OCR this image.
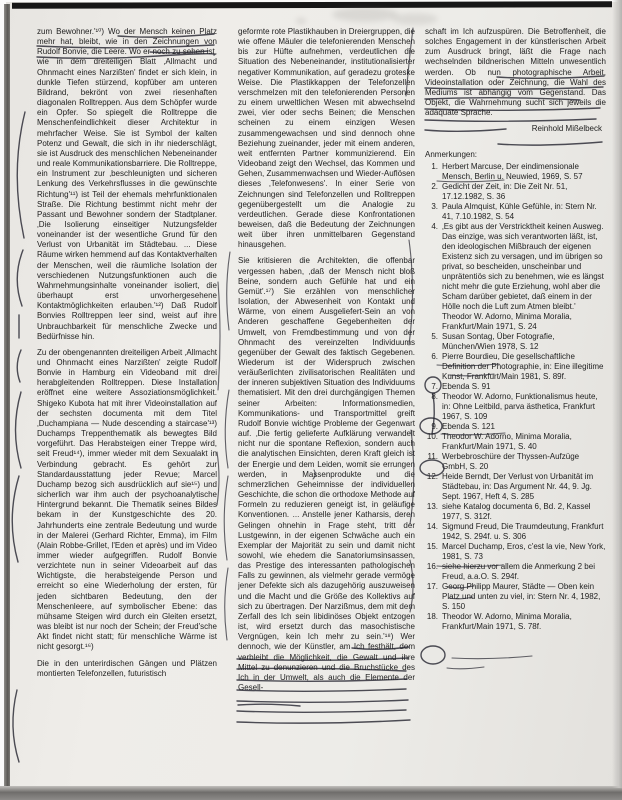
zum Bewohner.'¹⁰) Wo der Mensch keinen Platz mehr hat, bleibt, wie in den Zeichnungen von Rudolf Bonvie, die Leere. Wo er noch zu sehen ist, wie in dem dreiteiligen Blatt ‚Allmacht und Ohnmacht eines Narzißten' findet er sich klein, in dunkle Tiefen stürzend, kopfüber am unteren Bildrand, bekrönt von zwei riesenhaften diagonalen Rolltreppen. Aus dem Schöpfer wurde ein Opfer. So spiegelt die Rolltreppe die Menschenfeindlichkeit dieser Architektur in mehrfacher Weise. Sie ist Symbol der kalten Potenz und Gewalt, die sich in ihr niederschlägt, sie ist Ausdruck des menschlichen Nebeneinander und reale Kommunikationsbarriere. Die Rolltreppe, ein Instrument zur ‚beschleunigten und sicheren Lenkung des Verkehrsflusses in die gewünschte Richtung'¹¹) ist Teil der ehemals mehrfunktionalen Straße. Die Richtung bestimmt nicht mehr der Passant und Bewohner sondern der Stadtplaner. ‚Die Isolierung einseitiger Nutzungsfelder voneinander ist der wesentliche Grund für den Verlust von Urbanität im Städtebau. ... Diese Räume wirken hemmend auf das Kontaktverhalten der Menschen, weil die räumliche Isolation der verschiedenen Nutzungsfunktionen auch die Wahrnehmungsinhalte voneinander isoliert, die überhaupt erst unvorhergesehene Kontaktmöglichkeiten erlauben.'¹²) Daß Rudolf Bonvies Rolltreppen leer sind, weist auf ihre Unbrauchbarkeit für menschliche Zwecke und Bedürfnisse hin.

Zu der obengenannten dreiteiligen Arbeit ‚Allmacht und Ohnmacht eines Narzißten' zeigte Rudolf Bonvie in Hamburg ein Videoband mit drei herabgleitenden Rolltreppen. Diese Installation eröffnet eine weitere Assoziationsmöglichkeit. Shigeko Kubota hat mit ihrer Videoinstallation auf der sechsten documenta mit dem Titel ‚Duchampiana — Nude descending a staircase'¹³) Duchamps Treppenthematik als bewegtes Bild vorgeführt. Das Herabsteigen einer Treppe wird, seit Freud¹⁴), immer wieder mit dem Sexualakt in Verbindung gebracht. Es gehört zur Standardausstattung jeder Revue; Marcel Duchamp bezog sich ausdrücklich auf sie¹⁵) und sicherlich war ihm auch der psychoanalytische Hintergrund bekannt. Die Thematik seines Bildes bekam in der Kunstgeschichte des 20. Jahrhunderts eine zentrale Bedeutung und wurde in der Malerei (Gerhard Richter, Emma), im Film (Alain Robbe-Grillet, l'Eden et après) und im Video immer wieder aufgegriffen. Rudolf Bonvie verzichtete nun in seiner Videoarbeit auf das Wichtigste, die herabsteigende Person und erreicht so eine Wiederholung der ersten, für jeden sichtbaren Bedeutung, den der Menschenleere, auf symbolischer Ebene: das mühsame Steigen wird durch ein Gleiten ersetzt, was bleibt ist nur noch der Schein; der Freud'sche Akt findet nicht statt; für menschliche Wärme ist nicht gesorgt.¹⁶)

Die in den unterirdischen Gängen und Plätzen montierten Telefonzellen, futuristisch

geformte rote Plastikhauben in Dreiergruppen, die wie offene Mäuler die telefonierenden Menschen bis zur Hüfte aufnehmen, verdeutlichen die Situation des Nebeneinander, institutionalisierter negativer Kommunikation, auf geradezu groteske Weise. Die Plastikkappen der Telefonzellen verschmelzen mit den telefonierenden Personen zu einem urweltlichen Wesen mit abwechselnd zwei, vier oder sechs Beinen; die Menschen scheinen zu einem einzigen Wesen zusammengewachsen und sind dennoch ohne Beziehung zueinander, jeder mit einem anderen, weit entfernten Partner kommunizierend. Ein Videoband zeigt den Wechsel, das Kommen und Gehen, Zusammenwachsen und Wieder-Auflösen dieses ‚Telefonwesens'. In einer Serie von Zeichnungen sind Telefonzellen und Rolltreppen gegenübergestellt um die Analogie zu verdeutlichen. Gerade diese Konfrontationen beweisen, daß die Bedeutung der Zeichnungen weit über ihren unmittelbaren Gegenstand hinausgehen.

Sie kritisieren die Architekten, die offenbar vergessen haben, ‚daß der Mensch nicht bloß Beine, sondern auch Gefühle hat und ein Gemüt'.¹⁷) Sie erzählen von menschlicher Isolation, der Abwesenheit von Kontakt und Wärme, von einem Ausgeliefert-Sein an von Anderen geschaffene Gegebenheiten der Umwelt, von Fremdbestimmung und von der Ohnmacht des vereinzelten Individuums gegenüber der Gewalt des faktisch Gegebenen. Wiederum ist der Widerspruch zwischen veräußerlichten zivilisatorischen Realitäten und der inneren subjektiven Situation des Individuums thematisiert. Mit den drei durchgängigen Themen seiner Arbeiten: Informationsmedien, Kommunikations- und Transportmittel greift Rudolf Bonvie wichtige Probleme der Gegenwart auf. ‚Die fertig gelieferte Aufklärung verwandelt nicht nur die spontane Reflexion, sondern auch die analytischen Einsichten, deren Kraft gleich ist der Energie und dem Leiden, womit sie errungen werden, in Massenprodukte und die schmerzlichen Geheimnisse der individuellen Geschichte, die schon die orthodoxe Methode auf Formeln zu reduzieren geneigt ist, in geläufige Konventionen. ... Anstelle jener Katharsis, deren Gelingen ohnehin in Frage steht, tritt der Lustgewinn, in der eigenen Schwäche auch ein Exemplar der Majorität zu sein und damit nicht sowohl, wie ehedem die Sanatoriumsinsassen, das Prestige des interessanten pathologischen Falls zu gewinnen, als vielmehr gerade vermöge jener Defekte sich als dazugehörig auszuweisen und die Macht und die Größe des Kollektivs auf sich zu übertragen. Der Narzißmus, dem mit dem Zerfall des Ich sein libidinöses Objekt entzogen ist, wird ersetzt durch das masochistische Vergnügen, kein Ich mehr zu sein.'¹⁸) Wer dennoch, wie der Künstler, am Ich festhält, dem verbleibt die Möglichkeit, die Gewalt und ihre Mittel zu denunzieren und die Bruchstücke des Ich in der Umwelt, als auch die Elemente der Gesell-

schaft im Ich aufzuspüren. Die Betroffenheit, die solches Engagement in der künstlerischen Arbeit zum Ausdruck bringt, läßt die Frage nach wechselnden bildnerischen Mitteln unwesentlich werden. Ob nun photographische Arbeit, Videoinstallation oder Zeichnung, die Wahl des Mediums ist abhängig vom Gegenstand. Das Objekt, die Wahrnehmung sucht sich jeweils die adäquate Sprache.

Reinhold Mißelbeck
Anmerkungen:
1. Herbert Marcuse, Der eindimensionale Mensch, Berlin u. Neuwied, 1969, S. 57
2. Gedicht der Zeit, in: Die Zeit Nr. 51, 17.12.1982, S. 36
3. Paula Almquist, Kühle Gefühle, in: Stern Nr. 41, 7.10.1982, S. 54
4. ‚Es gibt aus der Verstricktheit keinen Ausweg. Das einzige, was sich verantworten läßt, ist, den ideologischen Mißbrauch der eigenen Existenz sich zu versagen, und im übrigen so privat, so bescheiden, unscheinbar und unprätentiös sich zu benehmen, wie es längst nicht mehr die gute Erziehung, wohl aber die Scham darüber gebietet, daß einem in der Hölle noch die Luft zum Atmen bleibt.' Theodor W. Adorno, Minima Moralia, Frankfurt/Main 1971, S. 24
5. Susan Sontag, Über Fotografie, München/Wien 1978, S. 12
6. Pierre Bourdieu, Die gesellschaftliche Definition der Photographie, in: Eine illegitime Kunst, Frankfurt/Main 1981, S. 89f.
7. Ebenda S. 91
8. Theodor W. Adorno, Funktionalismus heute, in: Ohne Leitbild, parva ästhetica, Frankfurt 1967, S. 109
9. Ebenda S. 121
10. Theodor W. Adorno, Minima Moralia, Frankfurt/Main 1971, S. 40
11. Werbebroschüre der Thyssen-Aufzüge GmbH, S. 20
12. Heide Berndt, Der Verlust von Urbanität im Städtebau, in: Das Argument Nr. 44, 9. Jg. Sept. 1967, Heft 4, S. 285
13. siehe Katalog documenta 6, Bd. 2, Kassel 1977, S. 312f.
14. Sigmund Freud, Die Traumdeutung, Frankfurt 1942, S. 294f. u. S. 306
15. Marcel Duchamp, Eros, c'est la vie, New York, 1981, S. 73
16. siehe hierzu vor allem die Anmerkung 2 bei Freud, a.a.O. S. 294f.
17. Georg Philipp Maurer, Städte — Oben kein Platz und unten zu viel, in: Stern Nr. 4, 1982, S. 150
18. Theodor W. Adorno, Minima Moralia, Frankfurt/Main 1971, S. 78f.
